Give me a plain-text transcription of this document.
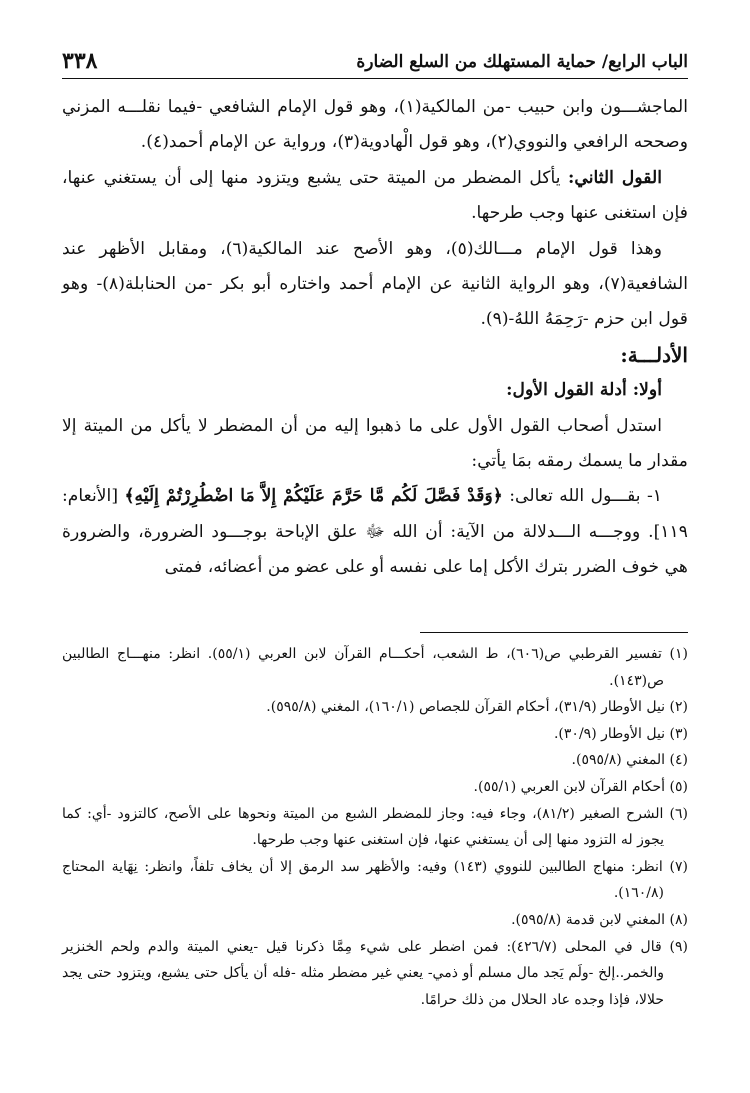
الباب الرابع/ حماية المستهلك من السلع الضارة
٣٣٨

الماجشـــون وابن حبيب -من المالكية(١)، وهو قول الإمام الشافعي -فيما نقلـــه المزني وصححه الرافعي والنووي(٢)، وهو قول الْهادوية(٣)، ورواية عن الإمام أحمد(٤).

القول الثاني: يأكل المضطر من الميتة حتى يشبع ويتزود منها إلى أن يستغني عنها، فإن استغنى عنها وجب طرحها.

وهذا قول الإمام مـــالك(٥)، وهو الأصح عند المالكية(٦)، ومقابل الأظهر عند الشافعية(٧)، وهو الرواية الثانية عن الإمام أحمد واختاره أبو بكر -من الحنابلة(٨)- وهو قول ابن حزم -رَحِمَهُ اللهُ-(٩).

الأدلـــة:

أولا: أدلة القول الأول:

استدل أصحاب القول الأول على ما ذهبوا إليه من أن المضطر لا يأكل من الميتة إلا مقدار ما يسمك رمقه بمَا يأتي:

١- بقـــول الله تعالى: ﴿وَقَدْ فَصَّلَ لَكُم مَّا حَرَّمَ عَلَيْكُمْ إِلاَّ مَا اضْطُرِرْتُمْ إِلَيْهِ﴾ [الأنعام: ١١٩]. ووجـــه الـــدلالة من الآية: أن الله ﷻ علق الإباحة بوجـــود الضرورة، والضرورة هي خوف الضرر بترك الأكل إما على نفسه أو على عضو من أعضائه، فمتى

(١) تفسير القرطبي ص(٦٠٦)، ط الشعب، أحكـــام القرآن لابن العربي (٥٥/١). انظر: منهـــاج الطالبين ص(١٤٣).

(٢) نيل الأوطار (٣١/٩)، أحكام القرآن للجصاص (١٦٠/١)، المغني (٥٩٥/٨).

(٣) نيل الأوطار (٣٠/٩).

(٤) المغني (٥٩٥/٨).

(٥) أحكام القرآن لابن العربي (٥٥/١).

(٦) الشرح الصغير (٨١/٢)، وجاء فيه: وجاز للمضطر الشبع من الميتة ونحوها على الأصح، كالتزود -أي: كما يجوز له التزود منها إلى أن يستغني عنها، فإن استغنى عنها وجب طرحها.

(٧) انظر: منهاج الطالبين للنووي (١٤٣) وفيه: والأظهر سد الرمق إلا أن يخاف تلفاً، وانظر: نِهَاية المحتاج (١٦٠/٨).

(٨) المغني لابن قدمة (٥٩٥/٨).

(٩) قال في المحلى (٤٢٦/٧): فمن اضطر على شيء مِمَّا ذكرنا قيل -يعني الميتة والدم ولحم الخنزير والخمر..إلخ -ولَم يَجد مال مسلم أو ذمي- يعني غير مضطر مثله -فله أن يأكل حتى يشبع، ويتزود حتى يجد حلالا، فإذا وجده عاد الحلال من ذلك حرامًا.
